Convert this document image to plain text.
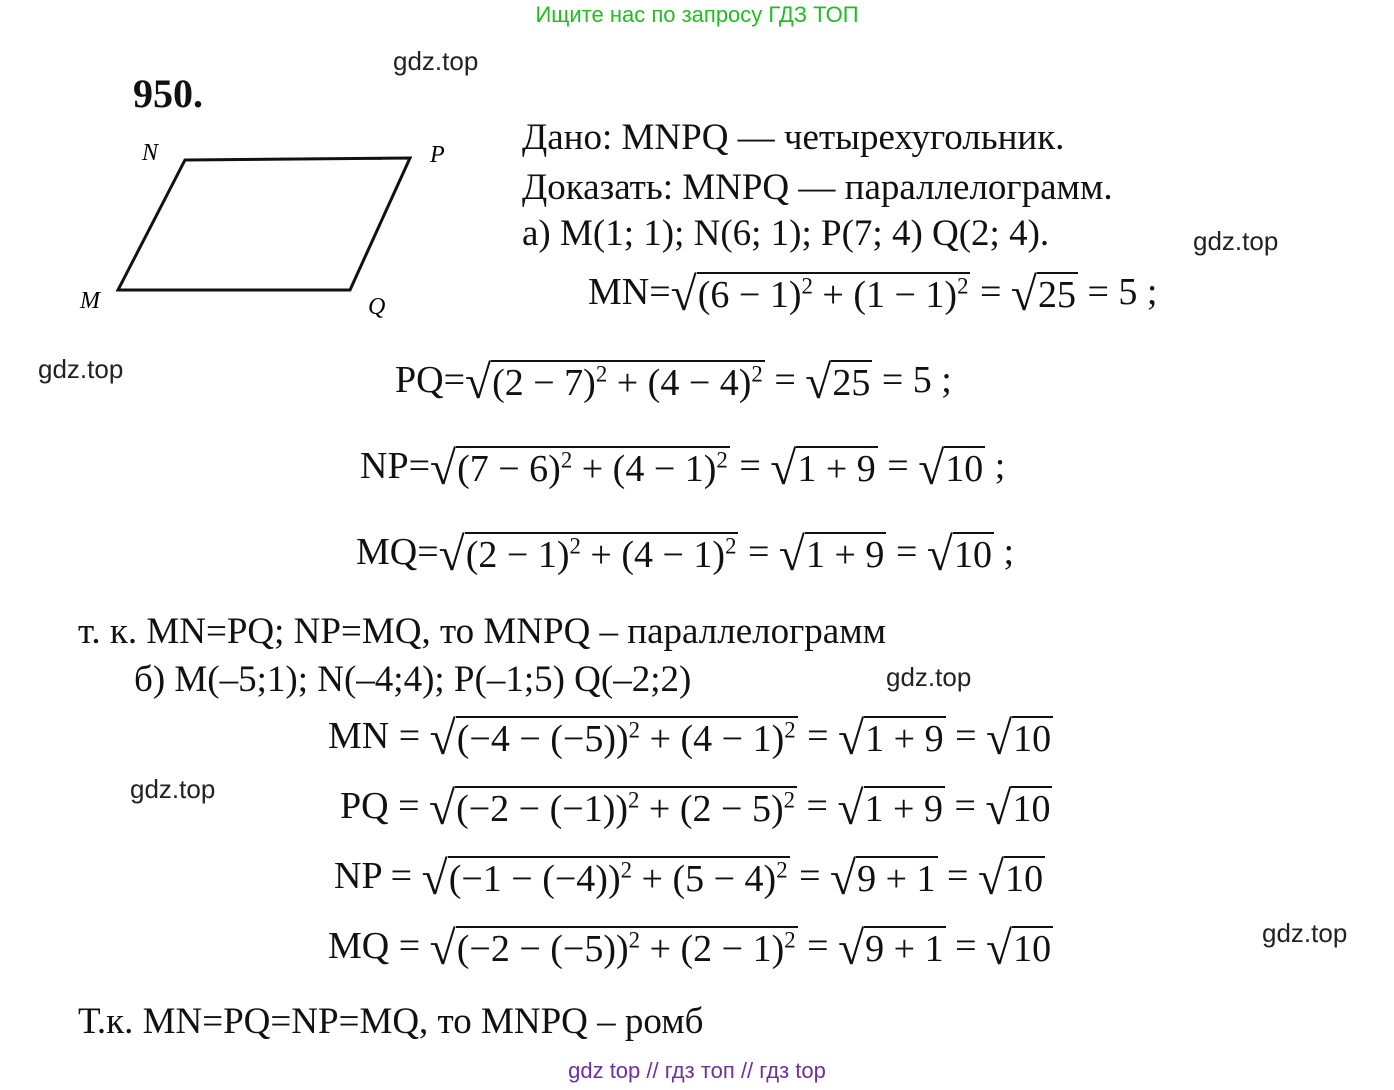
Ищите нас по запросу ГДЗ ТОП
gdz.top
gdz.top
gdz.top
gdz.top
gdz.top
gdz.top
950.
N	P
M	Q
Дано: MNPQ — четырехугольник.
Доказать: MNPQ — параллелограмм.
а) M(1; 1); N(6; 1); P(7; 4) Q(2; 4).
$MN=√(6 - 1)^2 + (1 - 1)^2 = √25 = 5$ ;
$PQ=√(2 - 7)^2 + (4 - 4)^2 = √25 = 5$ ;
$NP=√(7 - 6)^2 + (4 - 1)^2 = √1 + 9 = √10$ ;
$MQ=√(2 - 1)^2 + (4 - 1)^2 = √1 + 9 = √10$ ;
т. к. MN=PQ; NP=MQ, то MNPQ – параллелограмм
б) M(–5;1); N(–4;4); P(–1;5) Q(–2;2)
MN = $√(-4 - (-5))^2 + (4 - 1)^2 = √1 + 9 = √10$
PQ = $√(-2 - (-1))^2 + (2 - 5)^2 = √1 + 9 = √10$
NP = $√(-1 - (-4))^2 + (5 - 4)^2 = √9 + 1 = √10$
MQ = $√(-2 - (-5))^2 + (2 - 1)^2 = √9 + 1 = √10$
Т.к. MN=PQ=NP=MQ, то MNPQ – ромб
gdz top // гдз топ // гдз top
